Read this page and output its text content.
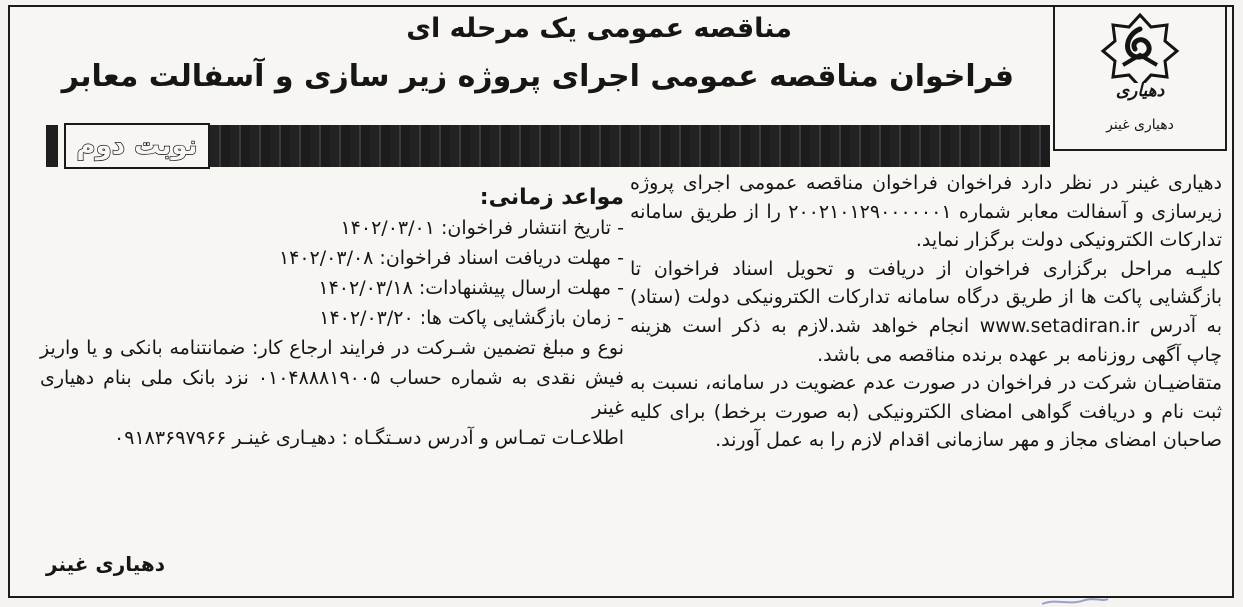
دهیاری
دهیاری غینر
مناقصه عمومی یک مرحله ای
فراخوان مناقصه عمومی اجرای پروژه زیر سازی و آسفالت معابر
نوبت دوم

دهیاری غینر در نظر دارد فراخوان فراخوان مناقصه عمومی اجرای پروژه زیرسازی و آسفالت معابر شماره ۲۰۰۲۱۰۱۲۹۰۰۰۰۰۰۱ را از طریق سامانه تدارکات الکترونیکی دولت برگزار نماید.

کلیـه مراحل برگزاری فراخوان از دریافت و تحویل اسناد فراخوان تا بازگشایی پاکت ها از طریق درگاه سامانه تدارکات الکترونیکی دولت (ستاد) به آدرس www.setadiran.ir انجام خواهد شد.لازم به ذکر است هزینه چاپ آگهی روزنامه بر عهده برنده مناقصه می باشد.

متقاضیـان شرکت در فراخوان در صورت عدم عضویت در سامانه، نسبت به ثبت نام و دریافت گواهی امضای الکترونیکی (به صورت برخط) برای کلیه صاحبان امضای مجاز و مهر سازمانی اقدام لازم را به عمل آورند.

مواعد زمانی:
- تاریخ انتشار فراخوان: ۱۴۰۲/۰۳/۰۱
- مهلت دریافت اسناد فراخوان: ۱۴۰۲/۰۳/۰۸
- مهلت ارسال پیشنهادات: ۱۴۰۲/۰۳/۱۸
- زمان بازگشایی پاکت ها: ۱۴۰۲/۰۳/۲۰
نوع و مبلغ تضمین شـرکت در فرایند ارجاع کار: ضمانتنامه بانکی و یا واریز فیش نقدی به شماره حساب ۰۱۰۴۸۸۸۱۹۰۰۵ نزد بانک ملی بنام دهیاری غینر
اطلاعـات تمـاس و آدرس دسـتگـاه : دهیـاری غینـر ۰۹۱۸۳۶۹۷۹۶۶
دهیاری غینر
